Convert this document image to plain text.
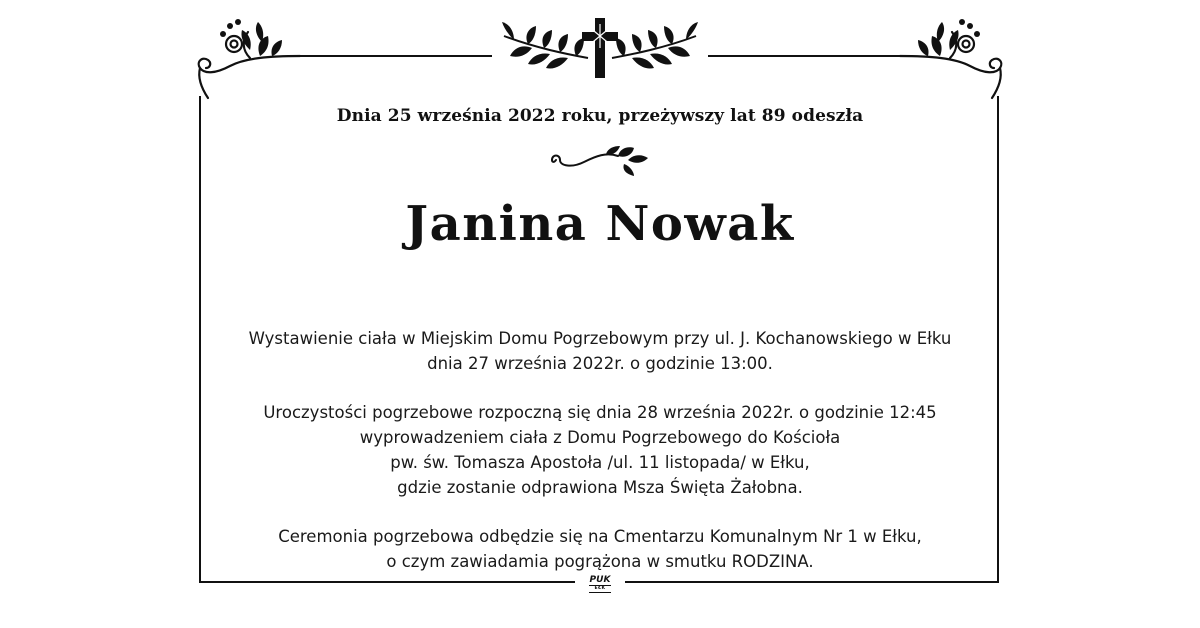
Dnia 25 września 2022 roku, przeżywszy lat 89 odeszła
Janina Nowak
Wystawienie ciała w Miejskim Domu Pogrzebowym przy ul. J. Kochanowskiego w Ełku
dnia 27 września 2022r. o godzinie 13:00.
Uroczystości pogrzebowe rozpoczną się dnia 28 września 2022r. o godzinie 12:45
wyprowadzeniem ciała z Domu Pogrzebowego do Kościoła
pw. św. Tomasza Apostoła /ul. 11 listopada/ w Ełku,
gdzie zostanie odprawiona Msza Święta Żałobna.
Ceremonia pogrzebowa odbędzie się na Cmentarzu Komunalnym Nr 1 w Ełku,
o czym zawiadamia pogrążona w smutku RODZINA.
PUK
EŁK
